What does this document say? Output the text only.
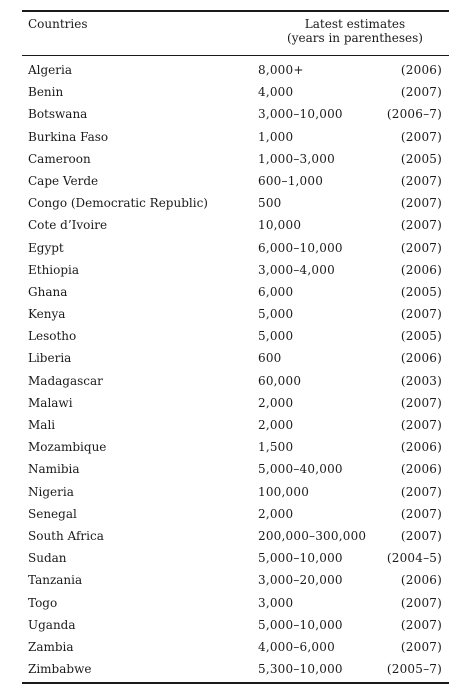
Countries	Latest estimates
(years in parentheses)
Algeria	8,000+	(2006)
Benin	4,000	(2007)
Botswana	3,000–10,000	(2006–7)
Burkina Faso	1,000	(2007)
Cameroon	1,000–3,000	(2005)
Cape Verde	600–1,000	(2007)
Congo (Democratic Republic)	500	(2007)
Cote d’Ivoire	10,000	(2007)
Egypt	6,000–10,000	(2007)
Ethiopia	3,000–4,000	(2006)
Ghana	6,000	(2005)
Kenya	5,000	(2007)
Lesotho	5,000	(2005)
Liberia	600	(2006)
Madagascar	60,000	(2003)
Malawi	2,000	(2007)
Mali	2,000	(2007)
Mozambique	1,500	(2006)
Namibia	5,000–40,000	(2006)
Nigeria	100,000	(2007)
Senegal	2,000	(2007)
South Africa	200,000–300,000	(2007)
Sudan	5,000–10,000	(2004–5)
Tanzania	3,000–20,000	(2006)
Togo	3,000	(2007)
Uganda	5,000–10,000	(2007)
Zambia	4,000–6,000	(2007)
Zimbabwe	5,300–10,000	(2005–7)
